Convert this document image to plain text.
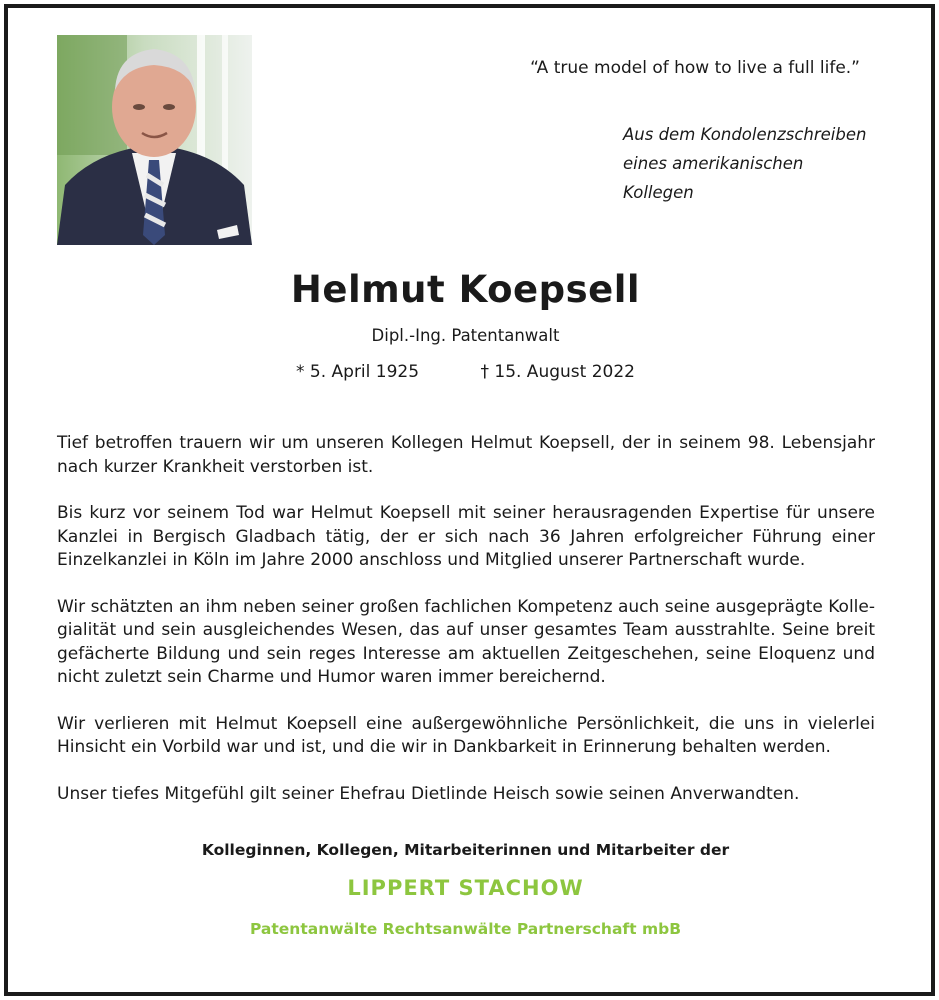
“A true model of how to live a full life.”
Aus dem Kondolenzschreiben
eines amerikanischen
Kollegen
Helmut Koepsell
Dipl.-Ing. Patentanwalt
* 5. April 1925	† 15. August 2022

Tief betroffen trauern wir um unseren Kollegen Helmut Koepsell, der in seinem 98. Lebensjahr nach kurzer Krankheit verstorben ist.

Bis kurz vor seinem Tod war Helmut Koepsell mit seiner herausragenden Expertise für unsere Kanzlei in Bergisch Gladbach tätig, der er sich nach 36 Jahren erfolgreicher Führung einer Einzelkanzlei in Köln im Jahre 2000 anschloss und Mitglied unserer Partnerschaft wurde.

Wir schätzten an ihm neben seiner großen fachlichen Kompetenz auch seine ausgeprägte Kollegialität und sein ausgleichendes Wesen, das auf unser gesamtes Team ausstrahlte. Seine breit gefächerte Bildung und sein reges Interesse am aktuellen Zeitgeschehen, seine Eloquenz und nicht zuletzt sein Charme und Humor waren immer bereichernd.

Wir verlieren mit Helmut Koepsell eine außergewöhnliche Persönlichkeit, die uns in vielerlei Hinsicht ein Vorbild war und ist, und die wir in Dankbarkeit in Erinnerung behalten werden.

Unser tiefes Mitgefühl gilt seiner Ehefrau Dietlinde Heisch sowie seinen Anverwandten.

Kolleginnen, Kollegen, Mitarbeiterinnen und Mitarbeiter der
LIPPERT STACHOW
Patentanwälte Rechtsanwälte Partnerschaft mbB
